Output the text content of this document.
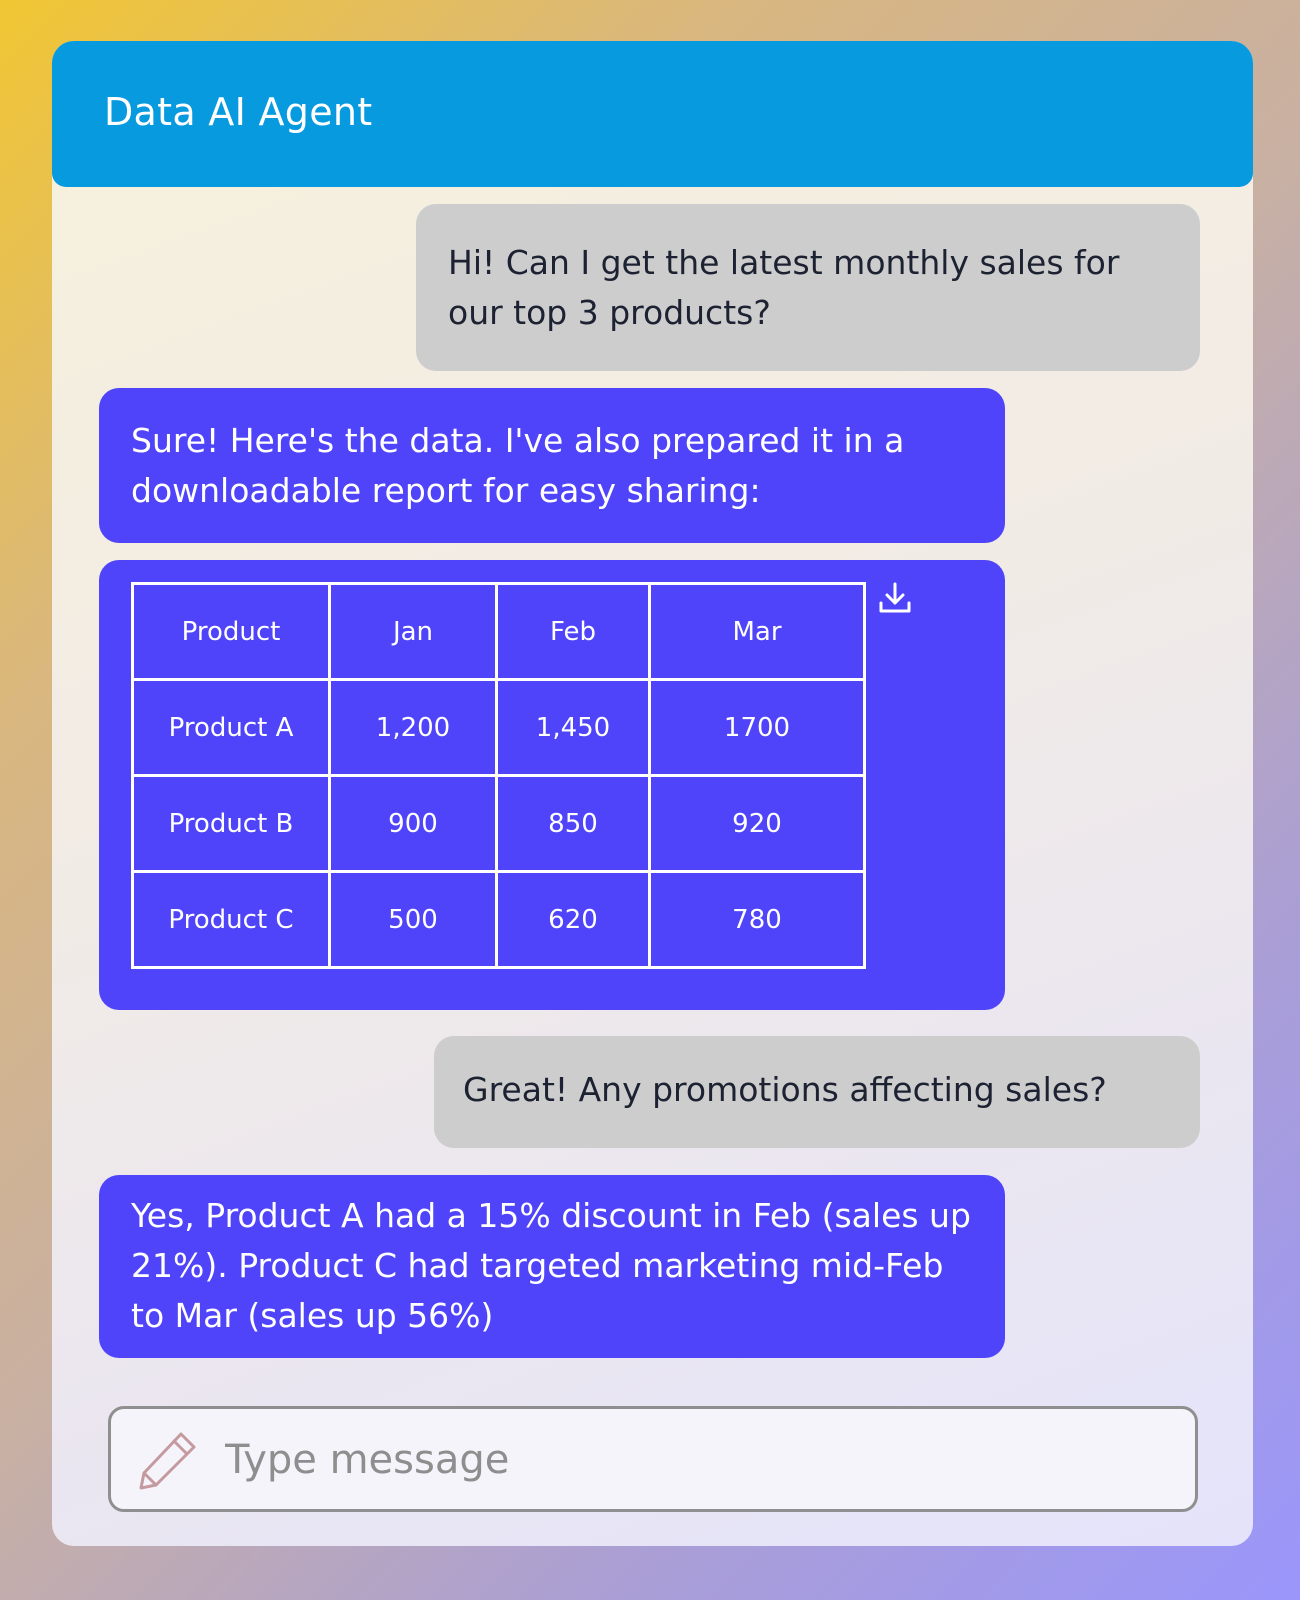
Data AI Agent
Hi! Can I get the latest monthly sales for our top 3 products?
Sure! Here's the data. I've also prepared it in a downloadable report for easy sharing:
Product	Jan	Feb	Mar
Product A	1,200	1,450	1700
Product B	900	850	920
Product C	500	620	780
Great! Any promotions affecting sales?
Yes, Product A had a 15% discount in Feb (sales up 21%). Product C had targeted marketing mid-Feb to Mar (sales up 56%)
Type message
